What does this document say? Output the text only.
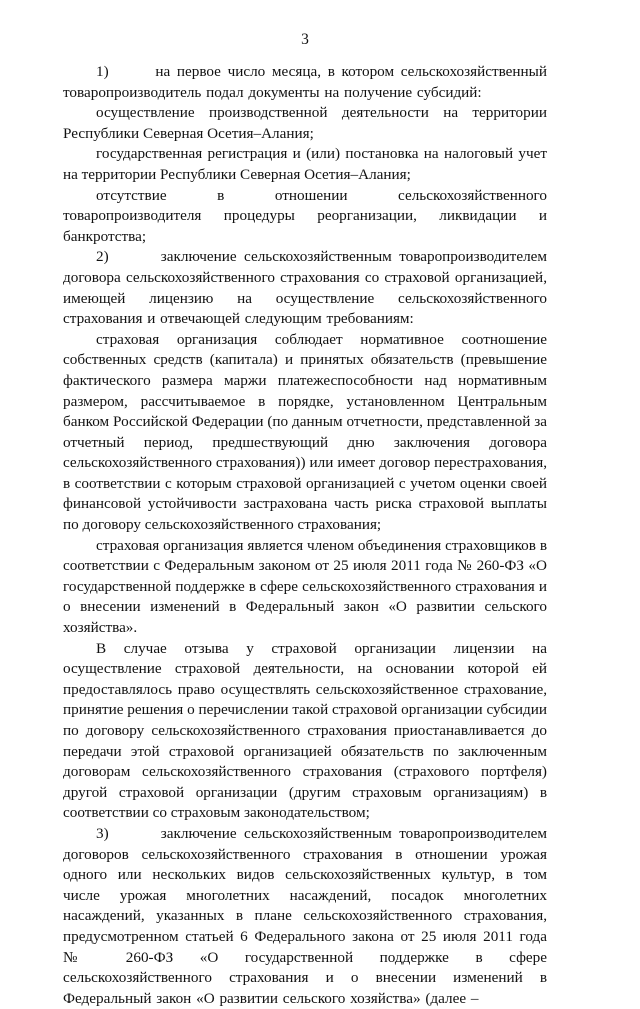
3

1)       на первое число месяца, в котором сельскохозяйственный товаропроизводитель подал документы на получение субсидий:

осуществление производственной деятельности на территории Республики Северная Осетия–Алания;

государственная регистрация и (или) постановка на налоговый учет на территории Республики Северная Осетия–Алания;

отсутствие в отношении сельскохозяйственного товаропроизводителя процедуры реорганизации, ликвидации и банкротства;

2)       заключение сельскохозяйственным товаропроизводителем договора сельскохозяйственного страхования со страховой организацией, имеющей лицензию на осуществление сельскохозяйственного страхования и отвечающей следующим требованиям:

страховая организация соблюдает нормативное соотношение собственных средств (капитала) и принятых обязательств (превышение фактического размера маржи платежеспособности над нормативным размером, рассчитываемое в порядке, установленном Центральным банком Российской Федерации (по данным отчетности, представленной за отчетный период, предшествующий дню заключения договора сельскохозяйственного страхования)) или имеет договор перестрахования, в соответствии с которым страховой организацией с учетом оценки своей финансовой устойчивости застрахована часть риска страховой выплаты по договору сельскохозяйственного страхования;

страховая организация является членом объединения страховщиков в соответствии с Федеральным законом от 25 июля 2011 года № 260-ФЗ «О государственной поддержке в сфере сельскохозяйственного страхования и о внесении изменений в Федеральный закон «О развитии сельского хозяйства».

В случае отзыва у страховой организации лицензии на осуществление страховой деятельности, на основании которой ей предоставлялось право осуществлять сельскохозяйственное страхование, принятие решения о перечислении такой страховой организации субсидии по договору сельскохозяйственного страхования приостанавливается до передачи этой страховой организацией обязательств по заключенным договорам сельскохозяйственного страхования (страхового портфеля) другой страховой организации (другим страховым организациям) в соответствии со страховым законодательством;

3)       заключение сельскохозяйственным товаропроизводителем договоров сельскохозяйственного страхования в отношении урожая одного или нескольких видов сельскохозяйственных культур, в том числе урожая многолетних насаждений, посадок многолетних насаждений, указанных в плане сельскохозяйственного страхования, предусмотренном статьей 6 Федерального закона от 25 июля 2011 года № 260-ФЗ «О государственной поддержке в сфере сельскохозяйственного страхования и о внесении изменений в Федеральный закон «О развитии сельского хозяйства» (далее –
